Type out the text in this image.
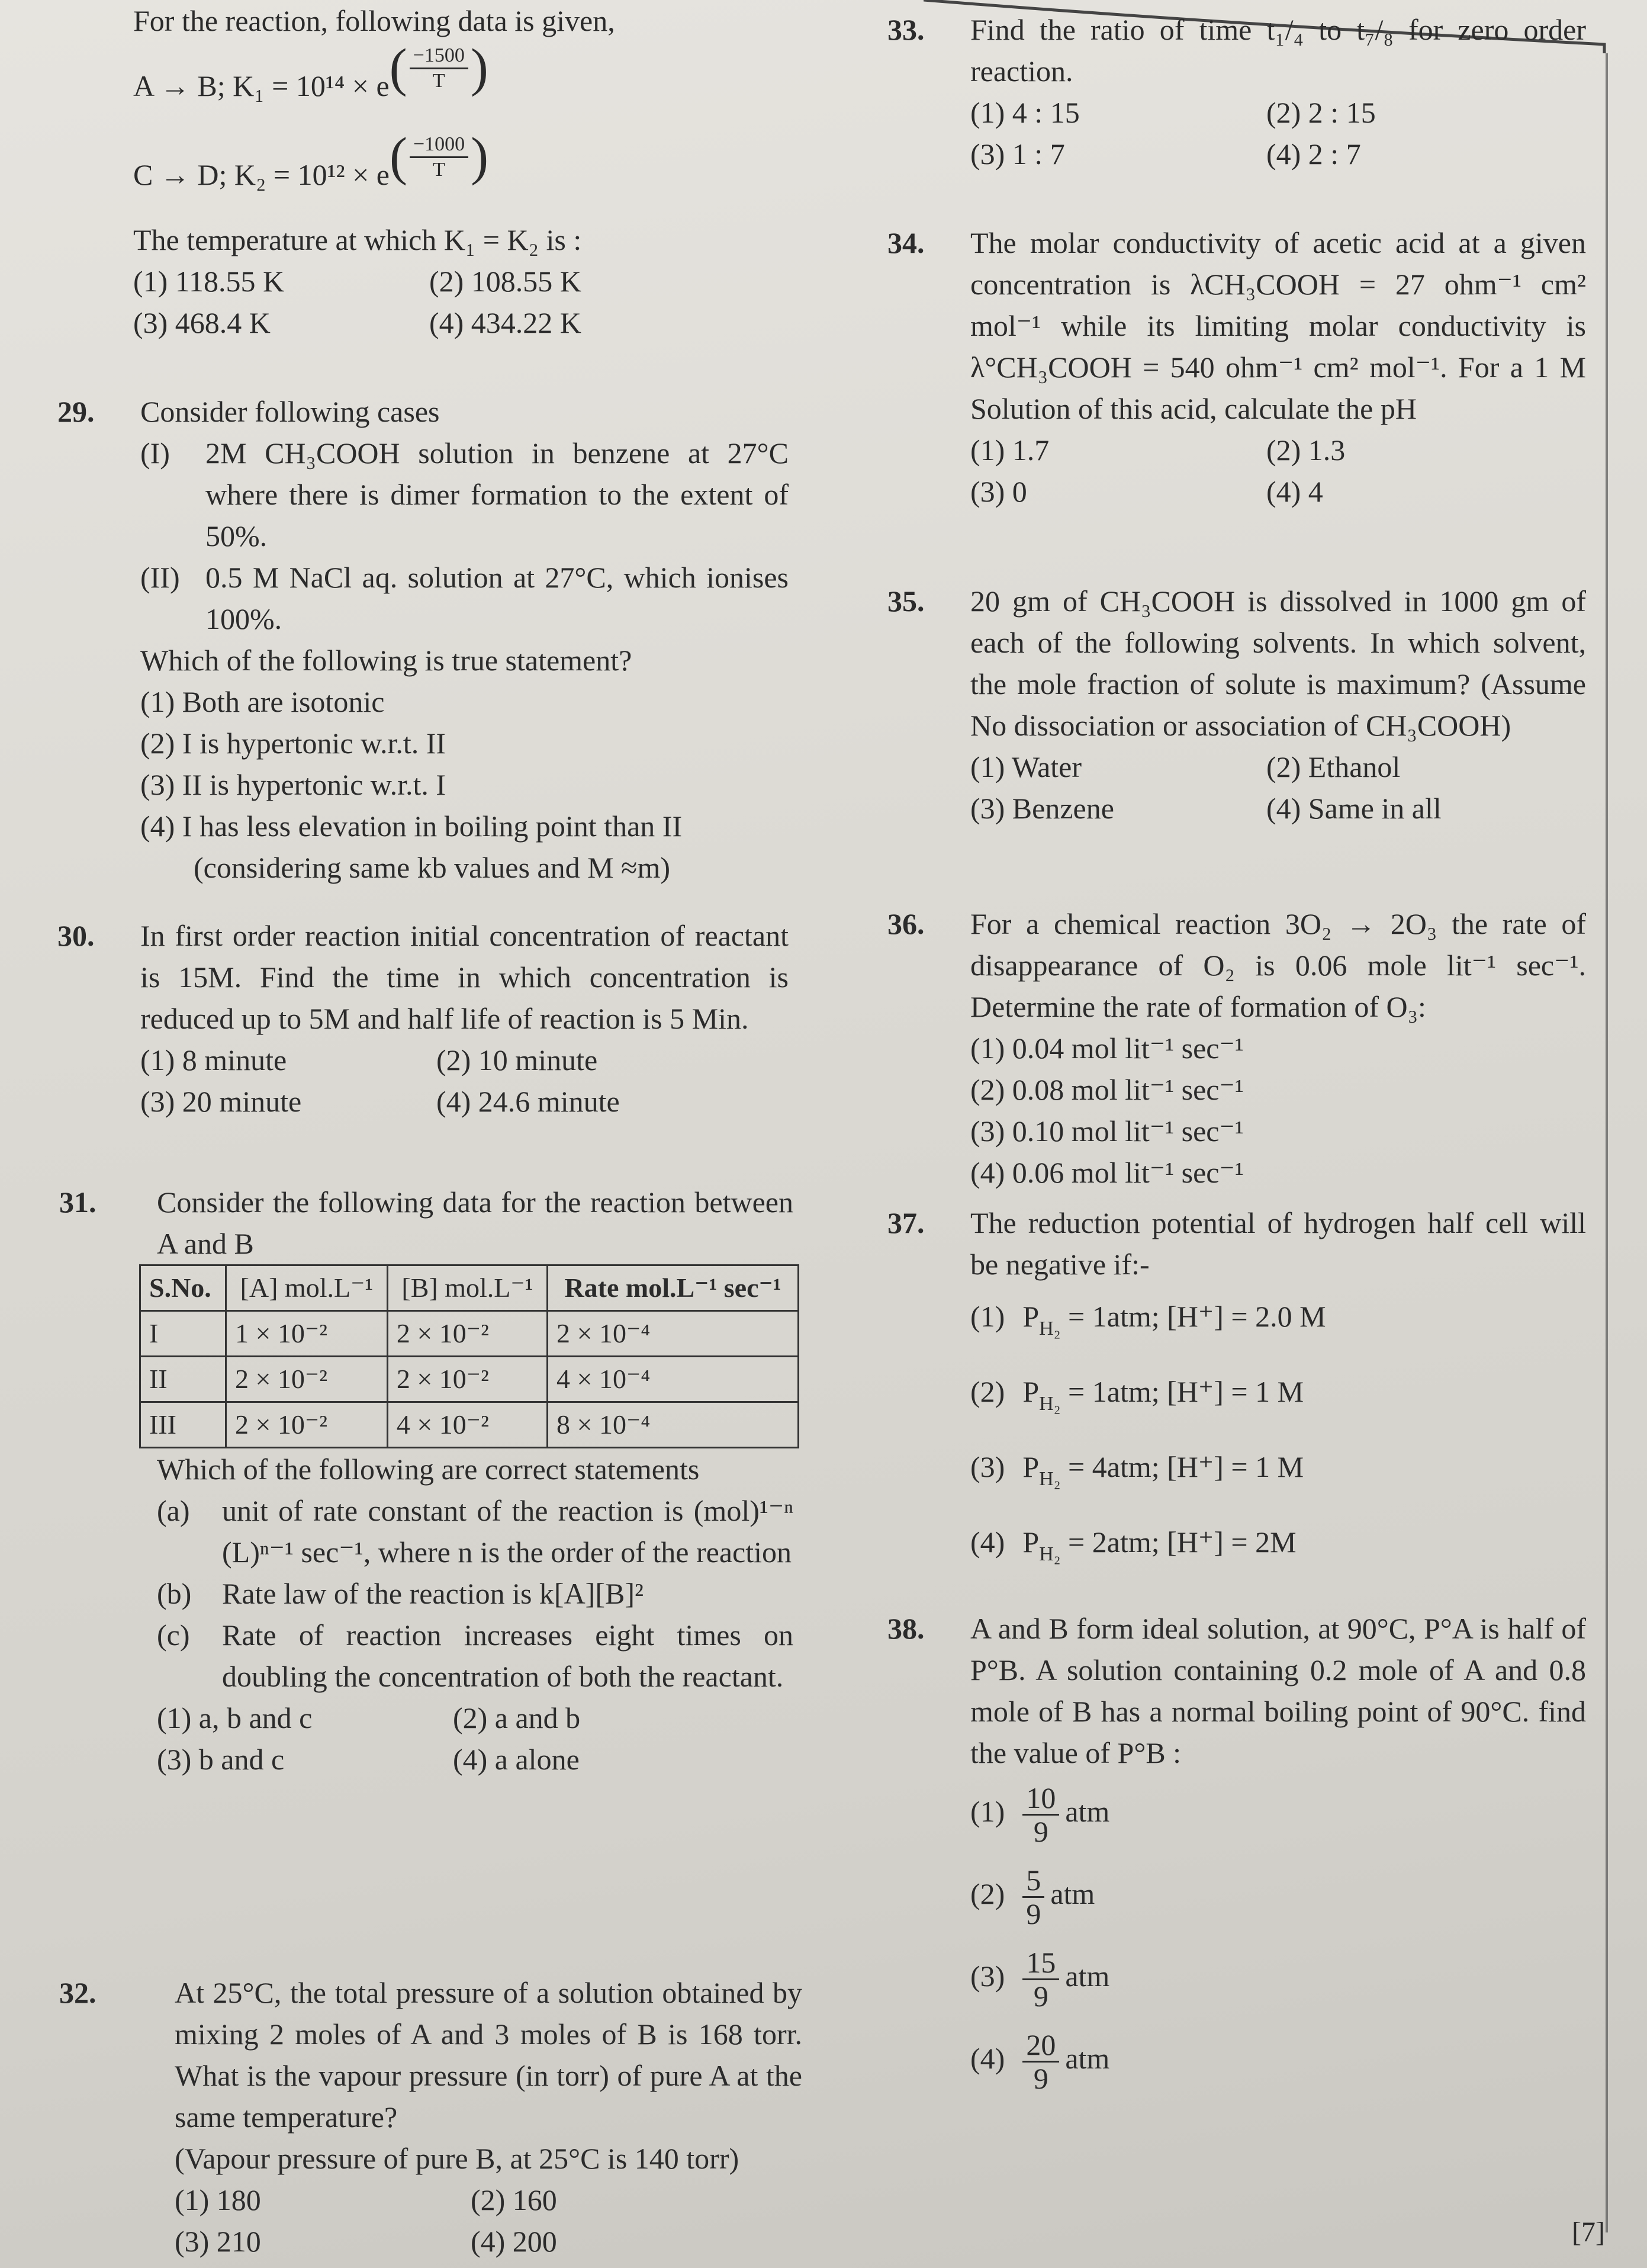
For the reaction, following data is given,
A → B; K₁ = 10¹⁴ × e ( $\frac{-1500}{T}$ )
C → D; K₂ = 10¹² × e ( $\frac{-1000}{T}$ )
The temperature at which K₁ = K₂ is :
(1) 118.55 K	(2) 108.55 K
(3) 468.4 K	(4) 434.22 K
29. Consider following cases
(I)	2M CH₃COOH solution in benzene at 27°C where there is dimer formation to the extent of 50%.
(II) 0.5 M NaCl aq. solution at 27°C, which ionises 100%.
Which of the following is true statement?
(1) Both are isotonic
(2) I is hypertonic w.r.t. II
(3) II is hypertonic w.r.t. I
(4) I has less elevation in boiling point than II
(considering same kb values and M ≈m)
30. In first order reaction initial concentration of reactant is 15M. Find the time in which concentration is reduced up to 5M and half life of reaction is 5 Min.
(1) 8 minute	(2) 10 minute
(3) 20 minute	(4) 24.6 minute
31. Consider the following data for the reaction between A and B
S.No.	[A] mol.L⁻¹	[B] mol.L⁻¹	Rate mol.L⁻¹ sec⁻¹
I	1 × 10⁻²	2 × 10⁻²	2 × 10⁻⁴
II	2 × 10⁻²	2 × 10⁻²	4 × 10⁻⁴
III	2 × 10⁻²	4 × 10⁻²	8 × 10⁻⁴
Which of the following are correct statements
(a)	unit of rate constant of the reaction is (mol)¹⁻ⁿ (L)ⁿ⁻¹ sec⁻¹, where n is the order of the reaction
(b)	Rate law of the reaction is k[A][B]²
(c)	Rate of reaction increases eight times on doubling the concentration of both the reactant.
(1) a, b and c	(2) a and b
(3) b and c	(4) a alone
32.	At 25°C, the total pressure of a solution obtained by mixing 2 moles of A and 3 moles of B is 168 torr. What is the vapour pressure (in torr) of pure A at the same temperature?
(Vapour pressure of pure B, at 25°C is 140 torr)
(1) 180	(2) 160
(3) 210	(4) 200
33. Find the ratio of time t₁/₄ to t₇/₈ for zero order reaction.
(1) 4 : 15	(2) 2 : 15
(3) 1 : 7	(4) 2 : 7
34. The molar conductivity of acetic acid at a given concentration is λCH₃COOH = 27 ohm⁻¹ cm² mol⁻¹ while its limiting molar conductivity is λ°CH₃COOH = 540 ohm⁻¹ cm² mol⁻¹. For a 1 M Solution of this acid, calculate the pH
(1) 1.7	(2) 1.3
(3) 0	(4) 4
35. 20 gm of CH₃COOH is dissolved in 1000 gm of each of the following solvents. In which solvent, the mole fraction of solute is maximum? (Assume No dissociation or association of CH₃COOH)
(1) Water	(2) Ethanol
(3) Benzene	(4) Same in all
36. For a chemical reaction 3O₂ → 2O₃ the rate of disappearance of O₂ is 0.06 mole lit⁻¹ sec⁻¹. Determine the rate of formation of O₃:
(1) 0.04 mol lit⁻¹ sec⁻¹
(2) 0.08 mol lit⁻¹ sec⁻¹
(3) 0.10 mol lit⁻¹ sec⁻¹
(4) 0.06 mol lit⁻¹ sec⁻¹
37. The reduction potential of hydrogen half cell will be negative if:-
(1) $P_{H_2} = 1atm$; [H⁺] = 2.0 M
(2) $P_{H_2} = 1atm$; [H⁺] = 1 M
(3) $P_{H_2} = 4atm$; [H⁺] = 1 M
(4) $P_{H_2} = 2atm$; [H⁺] = 2M
38. A and B form ideal solution, at 90°C, P°A is half of P°B. A solution containing 0.2 mole of A and 0.8 mole of B has a normal boiling point of 90°C. find the value of P°B :
$(1) \frac{10}{9}$ atm
$(2) \frac{5}{9}$ atm
$(3) \frac{15}{9}$ atm
$(4) \frac{20}{9}$ atm
[7]
